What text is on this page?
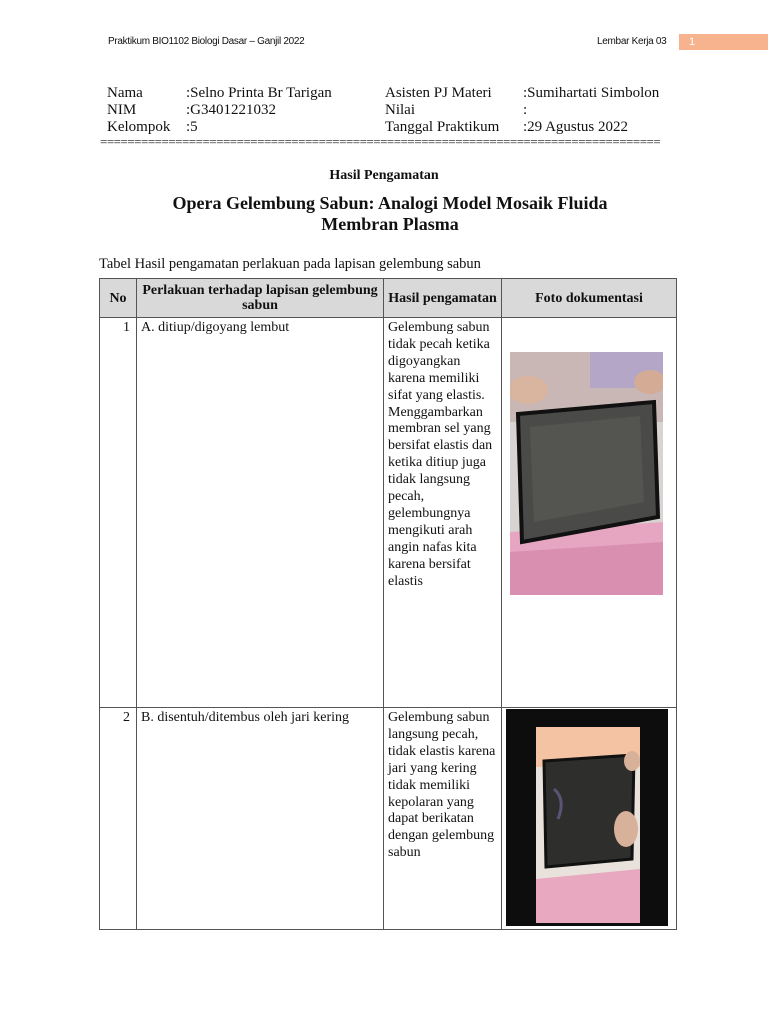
Praktikum BIO1102 Biologi Dasar – Ganjil 2022	Lembar Kerja 03	1
Nama	:Selno Printa Br Tarigan
NIM	:G3401221032
Kelompok :5
Asisten PJ Materi :Sumihartati Simbolon
Nilai	:
Tanggal Praktikum :29 Agustus 2022
==================================================================================
Hasil Pengamatan
Opera Gelembung Sabun: Analogi Model Mosaik Fluida Membran Plasma
Tabel Hasil pengamatan perlakuan pada lapisan gelembung sabun
No	Perlakuan terhadap lapisan gelembung sabun	Hasil pengamatan	Foto dokumentasi
1	A. ditiup/digoyang lembut	Gelembung sabun tidak pecah ketika digoyangkan karena memiliki sifat yang elastis. Menggambarkan membran sel yang bersifat elastis dan ketika ditiup juga tidak langsung pecah, gelembungnya mengikuti arah angin nafas kita karena bersifat elastis	

2	B. disentuh/ditembus oleh jari kering	Gelembung sabun langsung pecah, tidak elastis karena jari yang kering tidak memiliki kepolaran yang dapat berikatan dengan gelembung sabun	
